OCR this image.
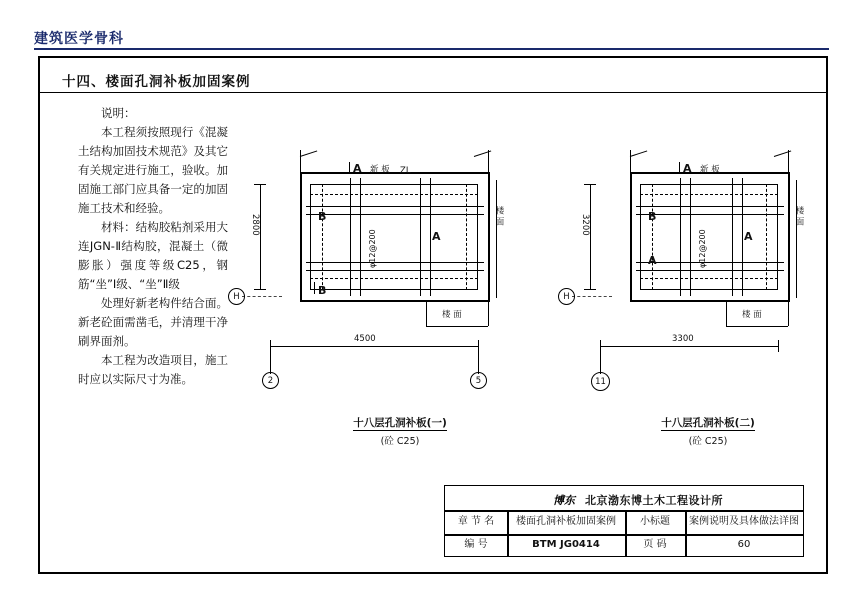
建筑医学骨科
十四、楼面孔洞补板加固案例

说明：

本工程须按照现行《混凝土结构加固技术规范》及其它有关规定进行施工，验收。加固施工部门应具备一定的加固施工技术和经验。

材料：结构胶粘剂采用大连JGN-Ⅱ结构胶，混凝土（微膨胀）强度等级C25，钢筋“坐”Ⅰ级、“坐”Ⅱ级

处理好新老构件结合面。新老砼面需凿毛，并清理干净刷界面剂。

本工程为改造项目，施工时应以实际尺寸为准。

A
A
B
B
ZL
新 板
楼 面
楼 面
φ12@200
2800
4500
H
2	5
十八层孔洞补板(一)
(砼 C25)
A
A
A
B
新 板
楼 面
楼 面
φ12@200
3200
3300
H
11
十八层孔洞补板(二)
(砼 C25)
博东 北京渤东博土木工程设计所
章 节 名	楼面孔洞补板加固案例	小标题	案例说明及具体做法详图
编 号	BTM JG0414	页 码	60
